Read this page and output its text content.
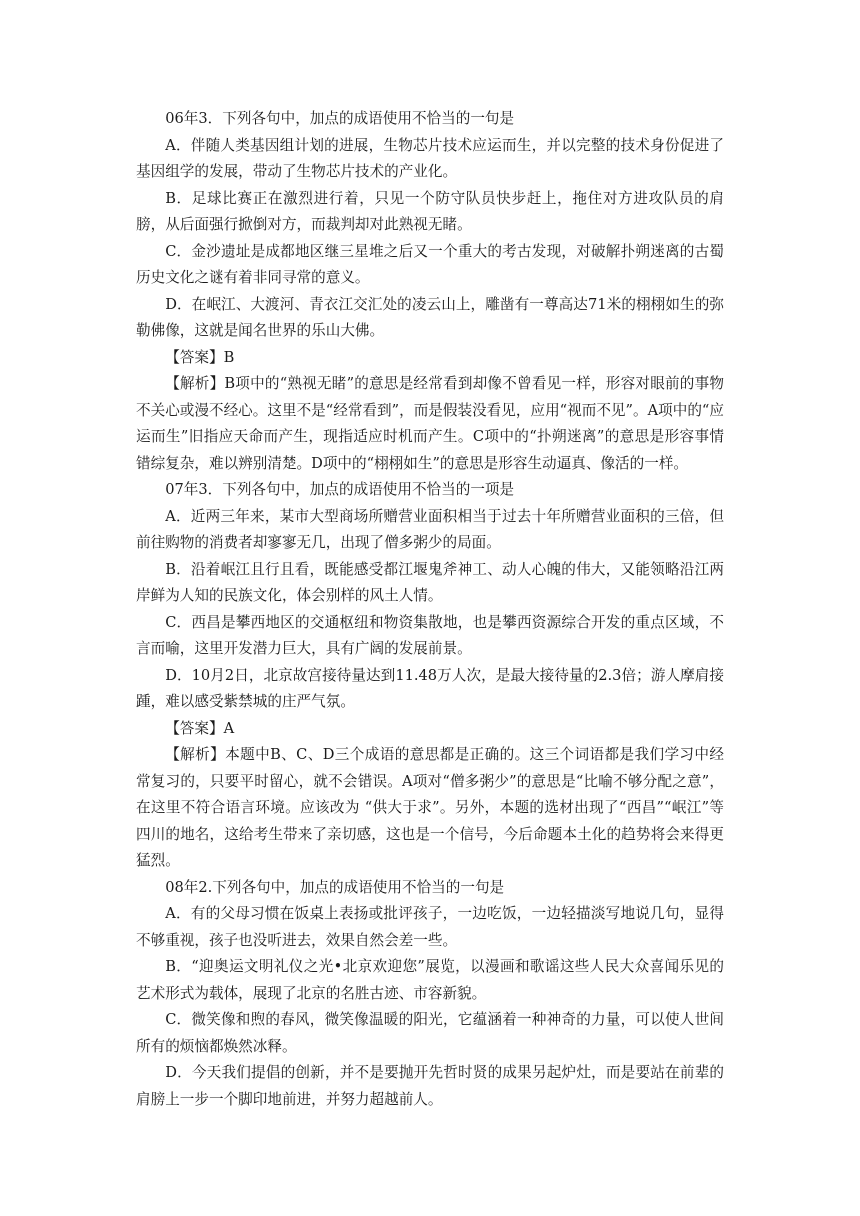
06年3．下列各句中，加点的成语使用不恰当的一句是

A．伴随人类基因组计划的进展，生物芯片技术应运而生，并以完整的技术身份促进了基因组学的发展，带动了生物芯片技术的产业化。

B．足球比赛正在激烈进行着，只见一个防守队员快步赶上，拖住对方进攻队员的肩膀，从后面强行掀倒对方，而裁判却对此熟视无睹。

C．金沙遗址是成都地区继三星堆之后又一个重大的考古发现，对破解扑朔迷离的古蜀历史文化之谜有着非同寻常的意义。

D．在岷江、大渡河、青衣江交汇处的凌云山上，雕凿有一尊高达71米的栩栩如生的弥勒佛像，这就是闻名世界的乐山大佛。

【答案】B

【解析】B项中的“熟视无睹”的意思是经常看到却像不曾看见一样，形容对眼前的事物不关心或漫不经心。这里不是“经常看到”，而是假装没看见，应用“视而不见”。A项中的“应运而生”旧指应天命而产生，现指适应时机而产生。C项中的“扑朔迷离”的意思是形容事情错综复杂，难以辨别清楚。D项中的“栩栩如生”的意思是形容生动逼真、像活的一样。

07年3．下列各句中，加点的成语使用不恰当的一项是

A．近两三年来，某市大型商场所赠营业面积相当于过去十年所赠营业面积的三倍，但前往购物的消费者却寥寥无几，出现了僧多粥少的局面。

B．沿着岷江且行且看，既能感受都江堰鬼斧神工、动人心魄的伟大，又能领略沿江两岸鲜为人知的民族文化，体会别样的风土人情。

C．西昌是攀西地区的交通枢纽和物资集散地，也是攀西资源综合开发的重点区域，不言而喻，这里开发潜力巨大，具有广阔的发展前景。

D．10月2日，北京故宫接待量达到11.48万人次，是最大接待量的2.3倍；游人摩肩接踵，难以感受紫禁城的庄严气氛。

【答案】A

【解析】本题中B、C、D三个成语的意思都是正确的。这三个词语都是我们学习中经常复习的，只要平时留心，就不会错误。A项对“僧多粥少”的意思是“比喻不够分配之意”，在这里不符合语言环境。应该改为 “供大于求”。另外，本题的选材出现了“西昌”“岷江”等四川的地名，这给考生带来了亲切感，这也是一个信号，今后命题本土化的趋势将会来得更猛烈。

08年2.下列各句中，加点的成语使用不恰当的一句是

A．有的父母习惯在饭桌上表扬或批评孩子，一边吃饭，一边轻描淡写地说几句，显得不够重视，孩子也没听进去，效果自然会差一些。

B．“迎奥运文明礼仪之光•北京欢迎您”展览，以漫画和歌谣这些人民大众喜闻乐见的艺术形式为载体，展现了北京的名胜古迹、市容新貌。

C．微笑像和煦的春风，微笑像温暖的阳光，它蕴涵着一种神奇的力量，可以使人世间所有的烦恼都焕然冰释。

D．今天我们提倡的创新，并不是要抛开先哲时贤的成果另起炉灶，而是要站在前辈的肩膀上一步一个脚印地前进，并努力超越前人。
